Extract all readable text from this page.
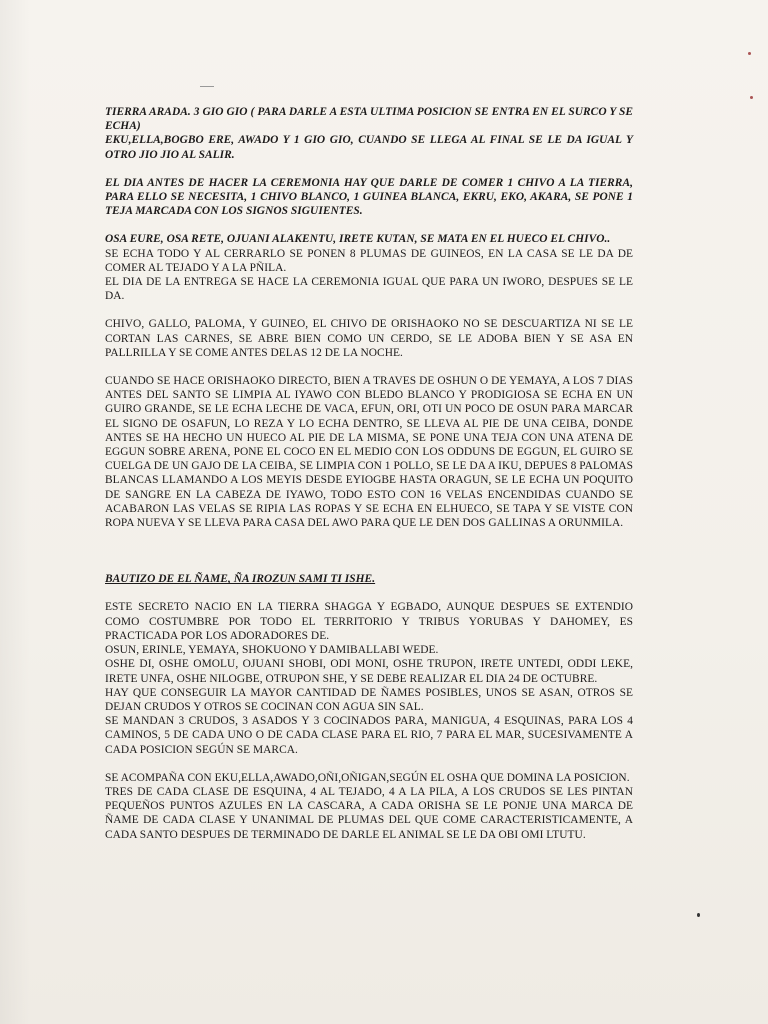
TIERRA ARADA. 3 GIO GIO ( PARA DARLE A ESTA ULTIMA POSICION SE ENTRA EN EL SURCO Y SE ECHA)

EKU,ELLA,BOGBO ERE, AWADO Y 1 GIO GIO, CUANDO SE LLEGA AL FINAL SE LE DA IGUAL Y OTRO JIO JIO AL SALIR.

EL DIA ANTES DE HACER LA CEREMONIA HAY QUE DARLE DE COMER 1 CHIVO A LA TIERRA, PARA ELLO SE NECESITA, 1 CHIVO BLANCO, 1 GUINEA BLANCA, EKRU, EKO, AKARA, SE PONE 1 TEJA MARCADA CON LOS SIGNOS SIGUIENTES.

OSA EURE, OSA RETE, OJUANI ALAKENTU, IRETE KUTAN, SE MATA EN EL HUECO EL CHIVO..

SE ECHA TODO Y AL CERRARLO SE PONEN 8 PLUMAS DE GUINEOS, EN LA CASA SE LE DA DE COMER AL TEJADO Y A LA PÑILA.

EL DIA DE LA ENTREGA SE HACE LA CEREMONIA IGUAL QUE PARA UN IWORO, DESPUES SE LE DA.

CHIVO, GALLO, PALOMA, Y GUINEO, EL CHIVO DE ORISHAOKO NO SE DESCUARTIZA NI SE LE CORTAN LAS CARNES, SE ABRE BIEN COMO UN CERDO, SE LE ADOBA BIEN Y SE ASA EN PALLRILLA Y SE COME ANTES DELAS 12 DE LA NOCHE.

CUANDO SE HACE ORISHAOKO DIRECTO, BIEN A TRAVES DE OSHUN O DE YEMAYA, A LOS 7 DIAS ANTES DEL SANTO SE LIMPIA AL IYAWO CON BLEDO BLANCO Y PRODIGIOSA SE ECHA EN UN GUIRO GRANDE, SE LE ECHA LECHE DE VACA, EFUN, ORI, OTI UN POCO DE OSUN PARA MARCAR EL SIGNO DE OSAFUN, LO REZA Y LO ECHA DENTRO, SE LLEVA AL PIE DE UNA CEIBA, DONDE ANTES SE HA HECHO UN HUECO AL PIE DE LA MISMA, SE PONE UNA TEJA CON UNA ATENA DE EGGUN SOBRE ARENA, PONE EL COCO EN EL MEDIO CON LOS ODDUNS DE EGGUN, EL GUIRO SE CUELGA DE UN GAJO DE LA CEIBA, SE LIMPIA CON 1 POLLO, SE LE DA A IKU, DEPUES 8 PALOMAS BLANCAS LLAMANDO A LOS MEYIS DESDE EYIOGBE HASTA ORAGUN, SE LE ECHA UN POQUITO DE SANGRE EN LA CABEZA DE IYAWO, TODO ESTO CON 16 VELAS ENCENDIDAS CUANDO SE ACABARON LAS VELAS SE RIPIA LAS ROPAS Y SE ECHA EN ELHUECO, SE TAPA Y SE VISTE CON ROPA NUEVA Y SE LLEVA PARA CASA DEL AWO PARA QUE LE DEN DOS GALLINAS A ORUNMILA.

BAUTIZO DE EL ÑAME, ÑA IROZUN SAMI TI ISHE.

ESTE SECRETO NACIO EN LA TIERRA SHAGGA Y EGBADO, AUNQUE DESPUES SE EXTENDIO COMO COSTUMBRE POR TODO EL TERRITORIO Y TRIBUS YORUBAS Y DAHOMEY, ES PRACTICADA POR LOS ADORADORES DE.

OSUN, ERINLE, YEMAYA, SHOKUONO Y DAMIBALLABI WEDE.

OSHE DI, OSHE OMOLU, OJUANI SHOBI, ODI MONI, OSHE TRUPON, IRETE UNTEDI, ODDI LEKE, IRETE UNFA, OSHE NILOGBE, OTRUPON SHE, Y SE DEBE REALIZAR EL DIA 24 DE OCTUBRE.

HAY QUE CONSEGUIR LA MAYOR CANTIDAD DE ÑAMES POSIBLES, UNOS SE ASAN, OTROS SE DEJAN CRUDOS Y OTROS SE COCINAN CON AGUA SIN SAL.

SE MANDAN 3 CRUDOS, 3 ASADOS Y 3 COCINADOS PARA, MANIGUA, 4 ESQUINAS, PARA LOS 4 CAMINOS, 5 DE CADA UNO O DE CADA CLASE PARA EL RIO, 7 PARA EL MAR, SUCESIVAMENTE A CADA POSICION SEGÚN SE MARCA.

SE ACOMPAÑA CON EKU,ELLA,AWADO,OÑI,OÑIGAN,SEGÚN EL OSHA QUE DOMINA LA POSICION.

TRES DE CADA CLASE DE ESQUINA, 4 AL TEJADO, 4 A LA PILA, A LOS CRUDOS SE LES PINTAN PEQUEÑOS PUNTOS AZULES EN LA CASCARA, A CADA ORISHA SE LE PONJE UNA MARCA DE ÑAME DE CADA CLASE Y UNANIMAL DE PLUMAS DEL QUE COME CARACTERISTICAMENTE, A CADA SANTO DESPUES DE TERMINADO DE DARLE EL ANIMAL SE LE DA OBI OMI LTUTU.
